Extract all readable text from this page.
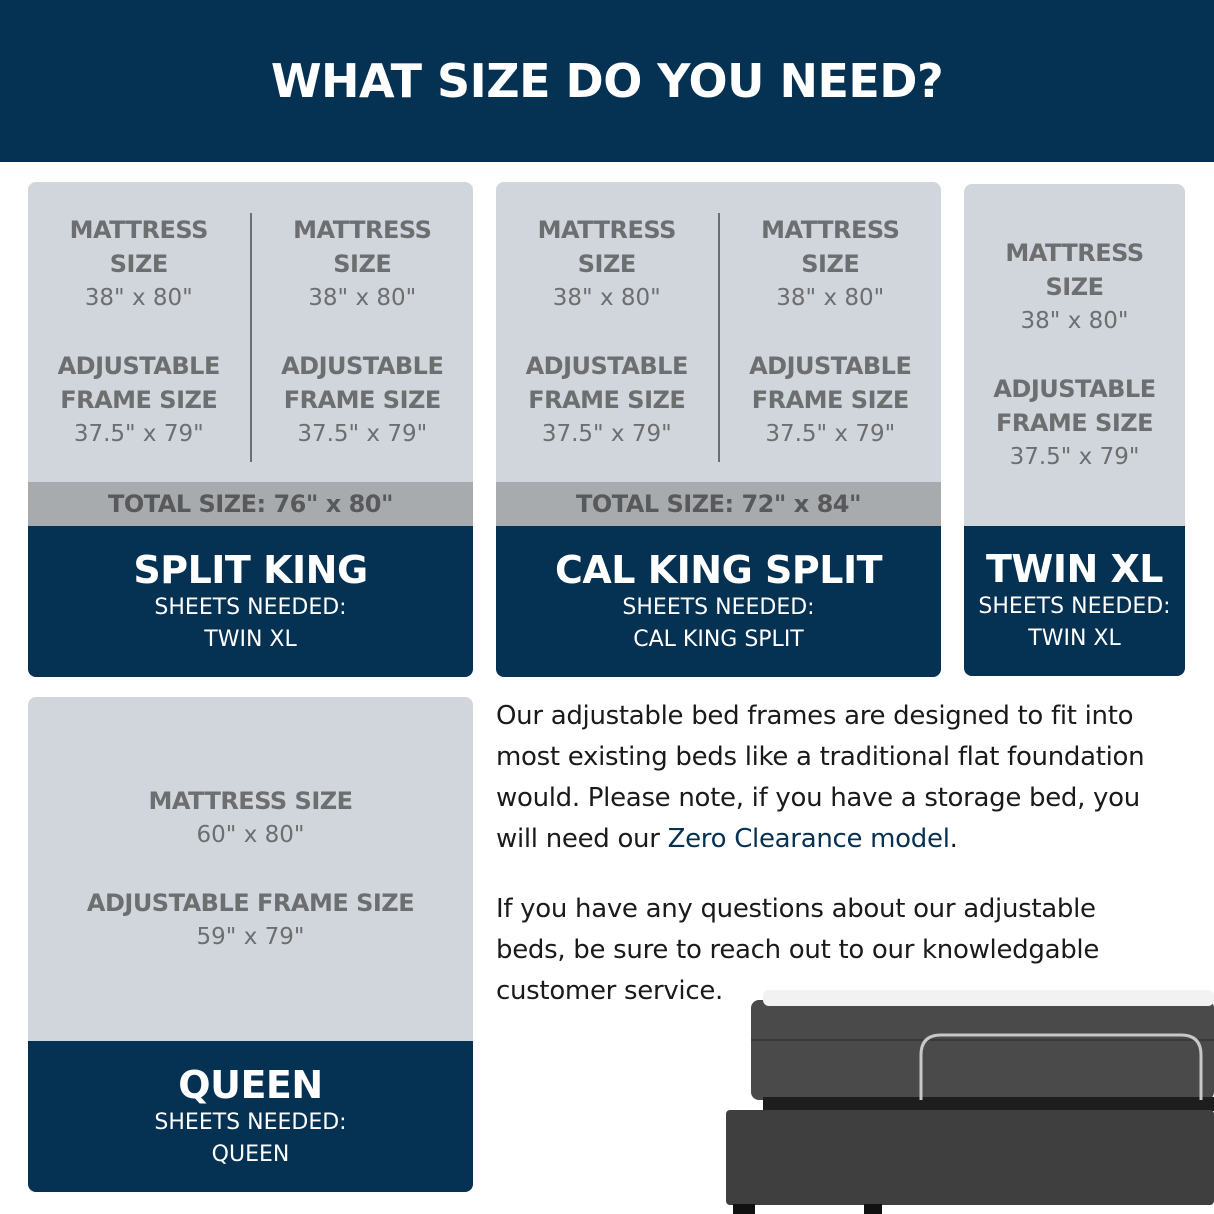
WHAT SIZE DO YOU NEED?
MATTRESS
SIZE
38" x 80"
ADJUSTABLE
FRAME SIZE
37.5" x 79"
MATTRESS
SIZE
38" x 80"
ADJUSTABLE
FRAME SIZE
37.5" x 79"
TOTAL SIZE: 76" x 80"
SPLIT KING
SHEETS NEEDED:
TWIN XL
MATTRESS
SIZE
38" x 80"
ADJUSTABLE
FRAME SIZE
37.5" x 79"
MATTRESS
SIZE
38" x 80"
ADJUSTABLE
FRAME SIZE
37.5" x 79"
TOTAL SIZE: 72" x 84"
CAL KING SPLIT
SHEETS NEEDED:
CAL KING SPLIT
MATTRESS
SIZE
38" x 80"
ADJUSTABLE
FRAME SIZE
37.5" x 79"
TWIN XL
SHEETS NEEDED:
TWIN XL
MATTRESS SIZE
60" x 80"
ADJUSTABLE FRAME SIZE
59" x 79"
QUEEN
SHEETS NEEDED:
QUEEN

Our adjustable bed frames are designed to fit into most existing beds like a traditional flat foundation would. Please note, if you have a storage bed, you will need our Zero Clearance model.

If you have any questions about our adjustable beds, be sure to reach out to our knowledgable customer service.
